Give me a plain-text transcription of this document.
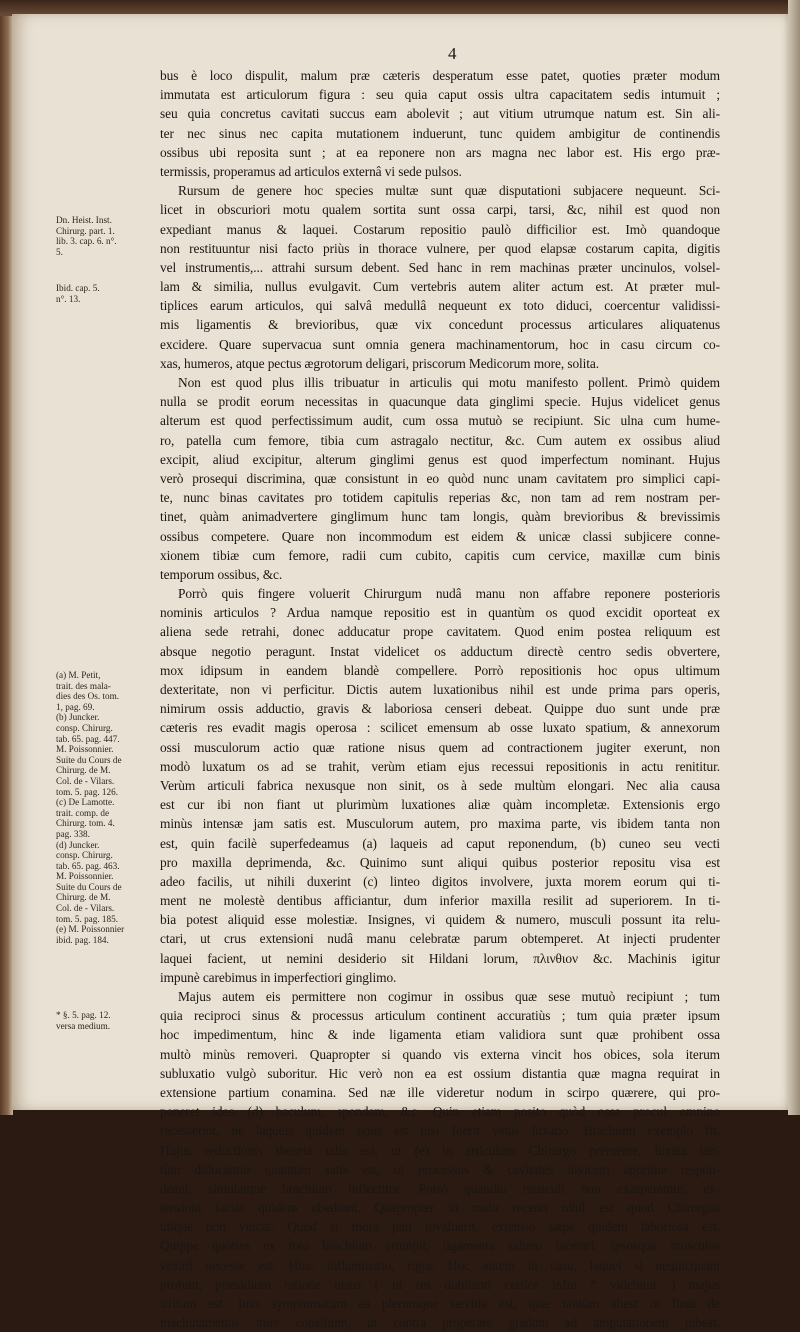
4
bus è loco dispulit, malum præ cæteris desperatum esse patet, quoties præter modum
immutata est articulorum figura : seu quia caput ossis ultra capacitatem sedis intumuit ;
seu quia concretus cavitati succus eam abolevit ; aut vitium utrumque natum est. Sin ali-
ter nec sinus nec capita mutationem induerunt, tunc quidem ambigitur de continendis
ossibus ubi reposita sunt ; at ea reponere non ars magna nec labor est. His ergo præ-
termissis, properamus ad articulos externâ vi sede pulsos.
Rursum de genere hoc species multæ sunt quæ disputationi subjacere nequeunt. Sci-
licet in obscuriori motu qualem sortita sunt ossa carpi, tarsi, &c, nihil est quod non
expediant manus & laquei. Costarum repositio paulò difficilior est. Imò quandoque
non restituuntur nisi facto priùs in thorace vulnere, per quod elapsæ costarum capita, digitis
vel instrumentis,... attrahi sursum debent. Sed hanc in rem machinas præter uncinulos, volsel-
lam & similia, nullus evulgavit. Cum vertebris autem aliter actum est. At præter mul-
tiplices earum articulos, qui salvâ medullâ nequeunt ex toto diduci, coercentur validissi-
mis ligamentis & brevioribus, quæ vix concedunt processus articulares aliquatenus
excidere. Quare supervacua sunt omnia genera machinamentorum, hoc in casu circum co-
xas, humeros, atque pectus ægrotorum deligari, priscorum Medicorum more, solita.
Non est quod plus illis tribuatur in articulis qui motu manifesto pollent. Primò quidem
nulla se prodit eorum necessitas in quacunque data ginglimi specie. Hujus videlicet genus
alterum est quod perfectissimum audit, cum ossa mutuò se recipiunt. Sic ulna cum hume-
ro, patella cum femore, tibia cum astragalo nectitur, &c. Cum autem ex ossibus aliud
excipit, aliud excipitur, alterum ginglimi genus est quod imperfectum nominant. Hujus
verò prosequi discrimina, quæ consistunt in eo quòd nunc unam cavitatem pro simplici capi-
te, nunc binas cavitates pro totidem capitulis reperias &c, non tam ad rem nostram per-
tinet, quàm animadvertere ginglimum hunc tam longis, quàm brevioribus & brevissimis
ossibus competere. Quare non incommodum est eidem & unicæ classi subjicere conne-
xionem tibiæ cum femore, radii cum cubito, capitis cum cervice, maxillæ cum binis
temporum ossibus, &c.
Porrò quis fingere voluerit Chirurgum nudâ manu non affabre reponere posterioris
nominis articulos ? Ardua namque repositio est in quantùm os quod excidit oporteat ex
aliena sede retrahi, donec adducatur prope cavitatem. Quod enim postea reliquum est
absque negotio peragunt. Instat videlicet os adductum directè centro sedis obvertere,
mox idipsum in eandem blandè compellere. Porrò repositionis hoc opus ultimum
dexteritate, non vi perficitur. Dictis autem luxationibus nihil est unde prima pars operis,
nimirum ossis adductio, gravis & laboriosa censeri debeat. Quippe duo sunt unde præ
cæteris res evadit magis operosa : scilicet emensum ab osse luxato spatium, & annexorum
ossi musculorum actio quæ ratione nisus quem ad contractionem jugiter exerunt, non
modò luxatum os ad se trahit, verùm etiam ejus recessui repositionis in actu renititur.
Verùm articuli fabrica nexusque non sinit, os à sede multùm elongari. Nec alia causa
est cur ibi non fiant ut plurimùm luxationes aliæ quàm incompletæ. Extensionis ergo
minùs intensæ jam satis est. Musculorum autem, pro maxima parte, vis ibidem tanta non
est, quin facilè superfedeamus (a) laqueis ad caput reponendum, (b) cuneo seu vecti
pro maxilla deprimenda, &c. Quinimo sunt aliqui quibus posterior repositu visa est
adeo facilis, ut nihili duxerint (c) linteo digitos involvere, juxta morem eorum qui ti-
ment ne molestè dentibus afficiantur, dum inferior maxilla resilit ad superiorem. In ti-
bia potest aliquid esse molestiæ. Insignes, vi quidem & numero, musculi possunt ita relu-
ctari, ut crus extensioni nudâ manu celebratæ parum obtemperet. At injecti prudenter
laquei facient, ut nemini desiderio sit Hildani lorum, πλινθιον &c. Machinis igitur
impunè carebimus in imperfectiori ginglimo.
Majus autem eis permittere non cogimur in ossibus quæ sese mutuò recipiunt ; tum
quia reciproci sinus & processus articulum continent accuratiùs ; tum quia præter ipsum
hoc impedimentum, hinc & inde ligamenta etiam validiora sunt quæ prohibent ossa
multò minùs removeri. Quapropter si quando vis externa vincit hos obices, sola iterum
subluxatio vulgò suboritur. Hic verò non ea est ossium distantia quæ magna requirat in
extensione partium conamina. Sed næ ille videretur nodum in scirpo quærere, qui pro-
poneret ideo (d) baculum, spondam, &c. Quin etiam posito quòd ossa procul omnino
recesserint, ne laqueis quidem opus est nisi fuerit vetus luxatio. Brachium exemplo fit.
Hujus reductionis theoria talis est, ut (e) in articulum Chirurgo premente, luxata tan-
tùm diducantur quantum satis est, ut processus & cavitates invicem apprime respon-
deant, simulatque brachium inflectitur. Porrò quandiu musculi non exasperantur, ex-
tensioni facilè quidem obediunt. Quapropter in malo recenti nihil est quod Chirurgus
utique non vincat. Quòd si mora jam invaluerit, extensio sæpe quidem laboriosa est.
Quippe quoties ex toto brachium erumpit, ligamenta saltem lacerari, ipsosque musculos
vexari necesse est. Hinc inflammatio, rigor. Hoc autem in casu, laquei si nequicquam
profunt, præsidium ratione nisus ( ut res dubitanti certior infra * videbitur ) majus
irritum est. Imò symptomatum ea plerumque sævitia est, quæ tantùm abest ut finat de
machinamentis inire consilium, ut contra properare gradum ad amputationem jubeat.
Dn. Heist. Inst.
Chirurg. part. 1.
lib. 3. cap. 6. n°.
5.
Ibid. cap. 5.
n°. 13.
(a) M. Petit,
trait. des mala-
dies des Os. tom.
1, pag. 69.
(b) Juncker.
consp. Chirurg.
tab. 65. pag. 447.
M. Poissonnier.
Suite du Cours de
Chirurg. de M.
Col. de - Vilars.
tom. 5. pag. 126.
(c) De Lamotte.
trait. comp. de
Chirurg. tom. 4.
pag. 338.
(d) Juncker.
consp. Chirurg.
tab. 65. pag. 463.
M. Poissonnier.
Suite du Cours de
Chirurg. de M.
Col. de - Vilars.
tom. 5. pag. 185.
(e) M. Poissonnier
ibid. pag. 184.
* §. 5. pag. 12.
versa medium.
